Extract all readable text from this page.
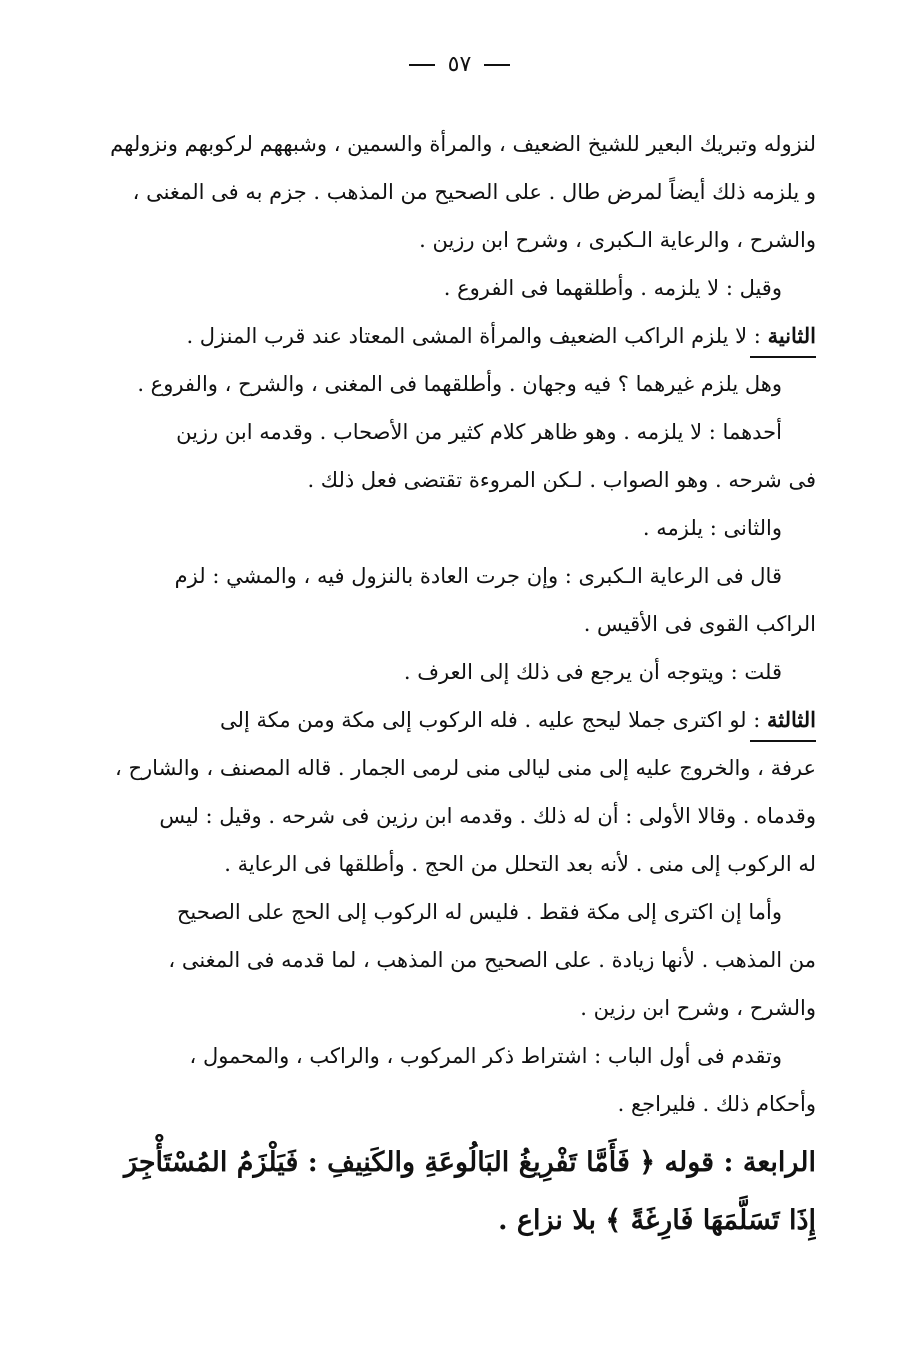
٥٧
لنزوله وتبريك البعير للشيخ الضعيف ، والمرأة والسمين ، وشبههم لركوبهم ونزولهم
و يلزمه ذلك أيضاً لمرض طال . على الصحيح من المذهب . جزم به فى المغنى ،
والشرح ، والرعاية الـكبرى ، وشرح ابن رزين .
وقيل : لا يلزمه . وأطلقهما فى الفروع .
الثانية : لا يلزم الراكب الضعيف والمرأة المشى المعتاد عند قرب المنزل .
وهل يلزم غيرهما ؟ فيه وجهان . وأطلقهما فى المغنى ، والشرح ، والفروع .
أحدهما : لا يلزمه . وهو ظاهر كلام كثير من الأصحاب . وقدمه ابن رزين
فى شرحه . وهو الصواب . لـكن المروءة تقتضى فعل ذلك .
والثانى : يلزمه .
قال فى الرعاية الـكبرى : وإن جرت العادة بالنزول فيه ، والمشي : لزم
الراكب القوى فى الأقيس .
قلت : ويتوجه أن يرجع فى ذلك إلى العرف .
الثالثة : لو اكترى جملا ليحج عليه . فله الركوب إلى مكة ومن مكة إلى
عرفة ، والخروج عليه إلى منى ليالى منى لرمى الجمار . قاله المصنف ، والشارح ،
وقدماه . وقالا الأولى : أن له ذلك . وقدمه ابن رزين فى شرحه . وقيل : ليس
له الركوب إلى منى . لأنه بعد التحلل من الحج . وأطلقها فى الرعاية .
وأما إن اكترى إلى مكة فقط . فليس له الركوب إلى الحج على الصحيح
من المذهب . لأنها زيادة . على الصحيح من المذهب ، لما قدمه فى المغنى ،
والشرح ، وشرح ابن رزين .
وتقدم فى أول الباب : اشتراط ذكر المركوب ، والراكب ، والمحمول ،
وأحكام ذلك . فليراجع .
الرابعة : قوله ﴿ فَأَمَّا تَفْرِيغُ البَالُوعَةِ والكَنِيفِ : فَيَلْزَمُ المُسْتَأْجِرَ
إِذَا تَسَلَّمَهَا فَارِغَةً ﴾ بلا نزاع .
